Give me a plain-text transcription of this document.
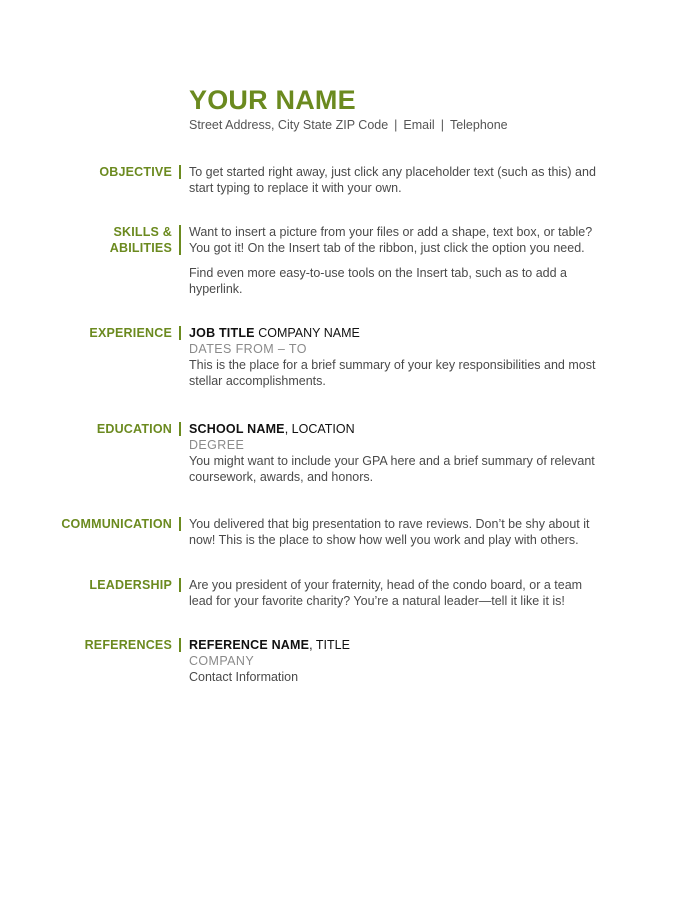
YOUR NAME
Street Address, City State ZIP Code | Email | Telephone
OBJECTIVE To get started right away, just click any placeholder text (such as this) and start typing to replace it with your own.

SKILLS &
ABILITIES

Want to insert a picture from your files or add a shape, text box, or table? You got it! On the Insert tab of the ribbon, just click the option you need.

Find even more easy-to-use tools on the Insert tab, such as to add a hyperlink.

EXPERIENCE JOB TITLE COMPANY NAME
DATES FROM – TO

This is the place for a brief summary of your key responsibilities and most stellar accomplishments.

EDUCATION SCHOOL NAME, LOCATION
DEGREE

You might want to include your GPA here and a brief summary of relevant coursework, awards, and honors.

COMMUNICATION You delivered that big presentation to rave reviews. Don’t be shy about it now! This is the place to show how well you work and play with others.

LEADERSHIP Are you president of your fraternity, head of the condo board, or a team lead for your favorite charity? You’re a natural leader—tell it like it is!

REFERENCES REFERENCE NAME, TITLE
COMPANY

Contact Information
